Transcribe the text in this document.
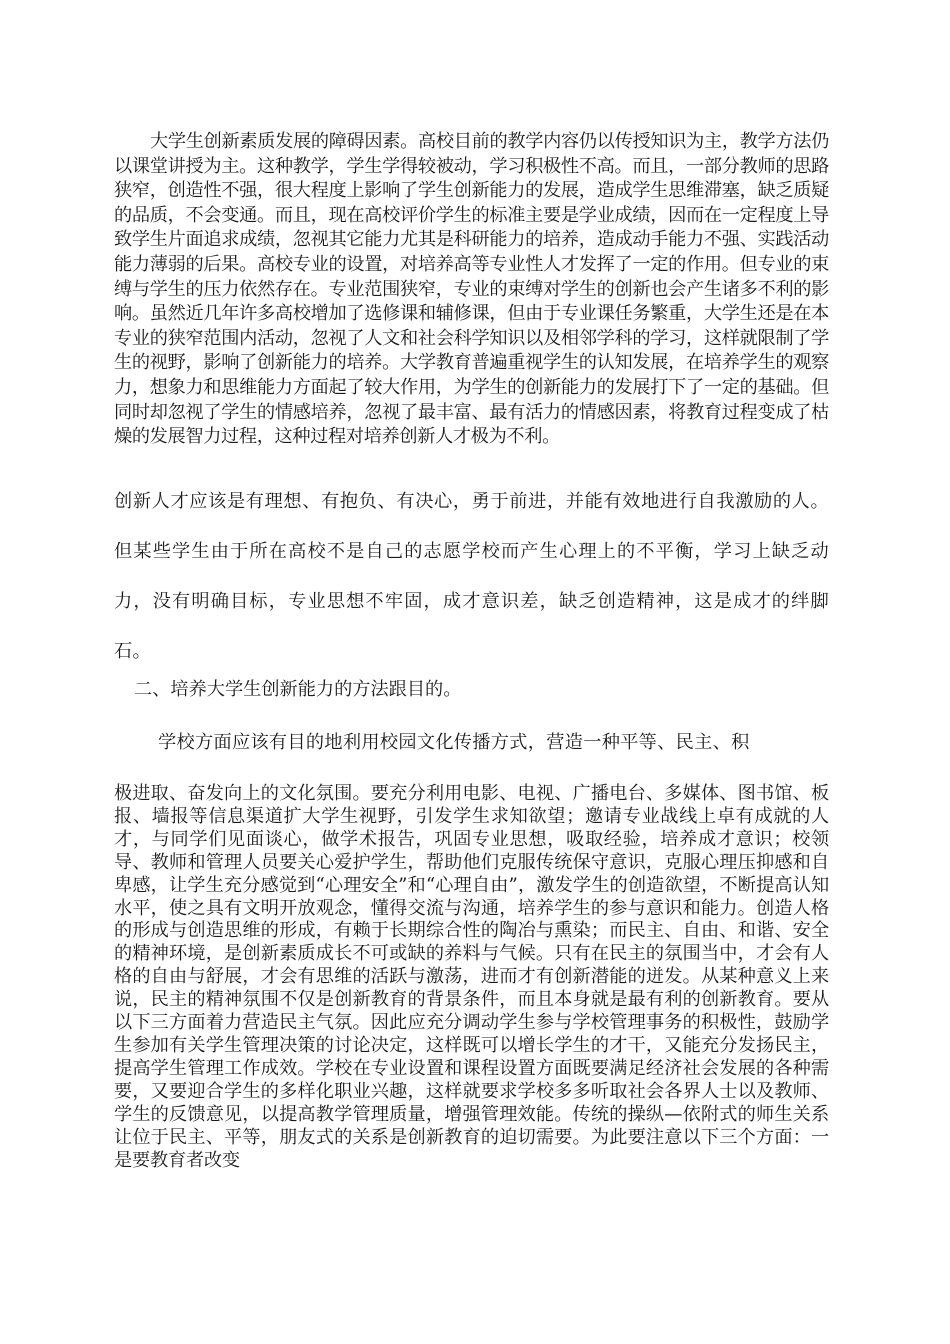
大学生创新素质发展的障碍因素。高校目前的教学内容仍以传授知识为主，教学方法仍以课堂讲授为主。这种教学，学生学得较被动，学习积极性不高。而且，一部分教师的思路狭窄，创造性不强，很大程度上影响了学生创新能力的发展，造成学生思维滞塞，缺乏质疑的品质，不会变通。而且，现在高校评价学生的标准主要是学业成绩，因而在一定程度上导致学生片面追求成绩，忽视其它能力尤其是科研能力的培养，造成动手能力不强、实践活动能力薄弱的后果。高校专业的设置，对培养高等专业性人才发挥了一定的作用。但专业的束缚与学生的压力依然存在。专业范围狭窄，专业的束缚对学生的创新也会产生诸多不利的影响。虽然近几年许多高校增加了选修课和辅修课，但由于专业课任务繁重，大学生还是在本专业的狭窄范围内活动，忽视了人文和社会科学知识以及相邻学科的学习，这样就限制了学生的视野，影响了创新能力的培养。大学教育普遍重视学生的认知发展，在培养学生的观察力，想象力和思维能力方面起了较大作用，为学生的创新能力的发展打下了一定的基础。但同时却忽视了学生的情感培养，忽视了最丰富、最有活力的情感因素，将教育过程变成了枯燥的发展智力过程，这种过程对培养创新人才极为不利。

创新人才应该是有理想、有抱负、有决心，勇于前进，并能有效地进行自我激励的人。但某些学生由于所在高校不是自己的志愿学校而产生心理上的不平衡，学习上缺乏动力，没有明确目标，专业思想不牢固，成才意识差，缺乏创造精神，这是成才的绊脚石。

二、培养大学生创新能力的方法跟目的。

学校方面应该有目的地利用校园文化传播方式，营造一种平等、民主、积

极进取、奋发向上的文化氛围。要充分利用电影、电视、广播电台、多媒体、图书馆、板报、墙报等信息渠道扩大学生视野，引发学生求知欲望；邀请专业战线上卓有成就的人才，与同学们见面谈心，做学术报告，巩固专业思想，吸取经验，培养成才意识；校领导、教师和管理人员要关心爱护学生，帮助他们克服传统保守意识，克服心理压抑感和自卑感，让学生充分感觉到“心理安全”和“心理自由”，激发学生的创造欲望，不断提高认知水平，使之具有文明开放观念，懂得交流与沟通，培养学生的参与意识和能力。创造人格的形成与创造思维的形成，有赖于长期综合性的陶冶与熏染；而民主、自由、和谐、安全的精神环境，是创新素质成长不可或缺的养料与气候。只有在民主的氛围当中，才会有人格的自由与舒展，才会有思维的活跃与激荡，进而才有创新潜能的迸发。从某种意义上来说，民主的精神氛围不仅是创新教育的背景条件，而且本身就是最有利的创新教育。要从以下三方面着力营造民主气氛。因此应充分调动学生参与学校管理事务的积极性，鼓励学生参加有关学生管理决策的讨论决定，这样既可以增长学生的才干，又能充分发扬民主，提高学生管理工作成效。学校在专业设置和课程设置方面既要满足经济社会发展的各种需要，又要迎合学生的多样化职业兴趣，这样就要求学校多多听取社会各界人士以及教师、学生的反馈意见，以提高教学管理质量，增强管理效能。传统的操纵—依附式的师生关系让位于民主、平等，朋友式的关系是创新教育的迫切需要。为此要注意以下三个方面：一是要教育者改变
